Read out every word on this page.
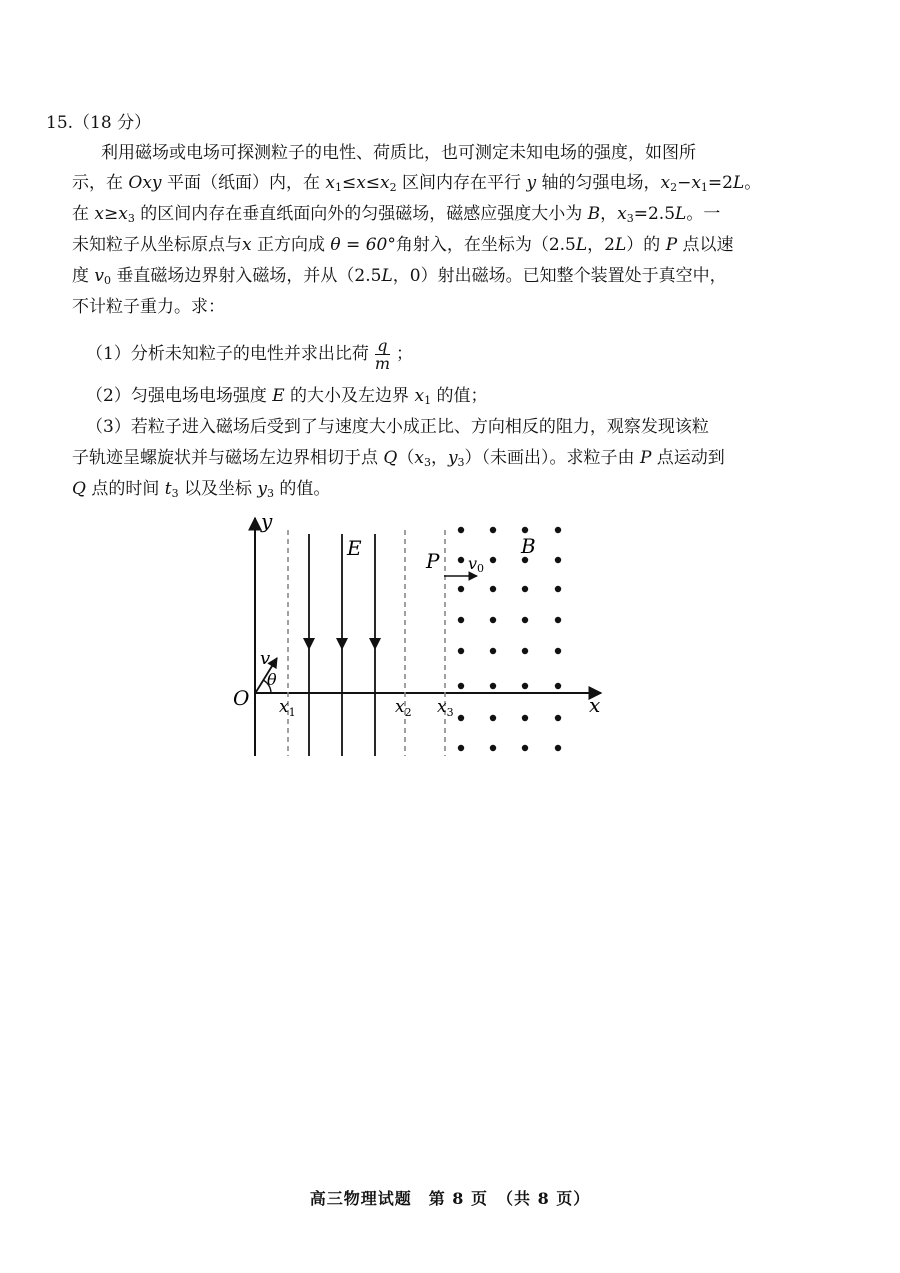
15.（18 分）
利用磁场或电场可探测粒子的电性、荷质比，也可测定未知电场的强度，如图所
示，在 Oxy 平面（纸面）内，在 $x_1\le x\le x_2$ 区间内存在平行 y 轴的匀强电场，$x_2-x_1=2L$。
在 $x\ge x_3$ 的区间内存在垂直纸面向外的匀强磁场，磁感应强度大小为 B，$x_3=2.5L$。一
未知粒子从坐标原点与x 正方向成 θ = 60°角射入，在坐标为（2.5L，2L）的 P 点以速
度 $v_0$ 垂直磁场边界射入磁场，并从（2.5L，0）射出磁场。已知整个装置处于真空中，
不计粒子重力。求：
（1）分析未知粒子的电性并求出比荷 $\frac{q}{m}$ ；
（2）匀强电场电场强度 E 的大小及左边界 $x_1$ 的值；
（3）若粒子进入磁场后受到了与速度大小成正比、方向相反的阻力，观察发现该粒
子轨迹呈螺旋状并与磁场左边界相切于点 $Q(x_3$，$y_3$）（未画出）。求粒子由 P 点运动到
Q 点的时间 $t_3$ 以及坐标 $y_3$ 的值。
y
x
O
E	B
P v0
v
θ
$x_1$	$x_2$ $x_3$
高三物理试题　第 8 页　（共 8 页）
